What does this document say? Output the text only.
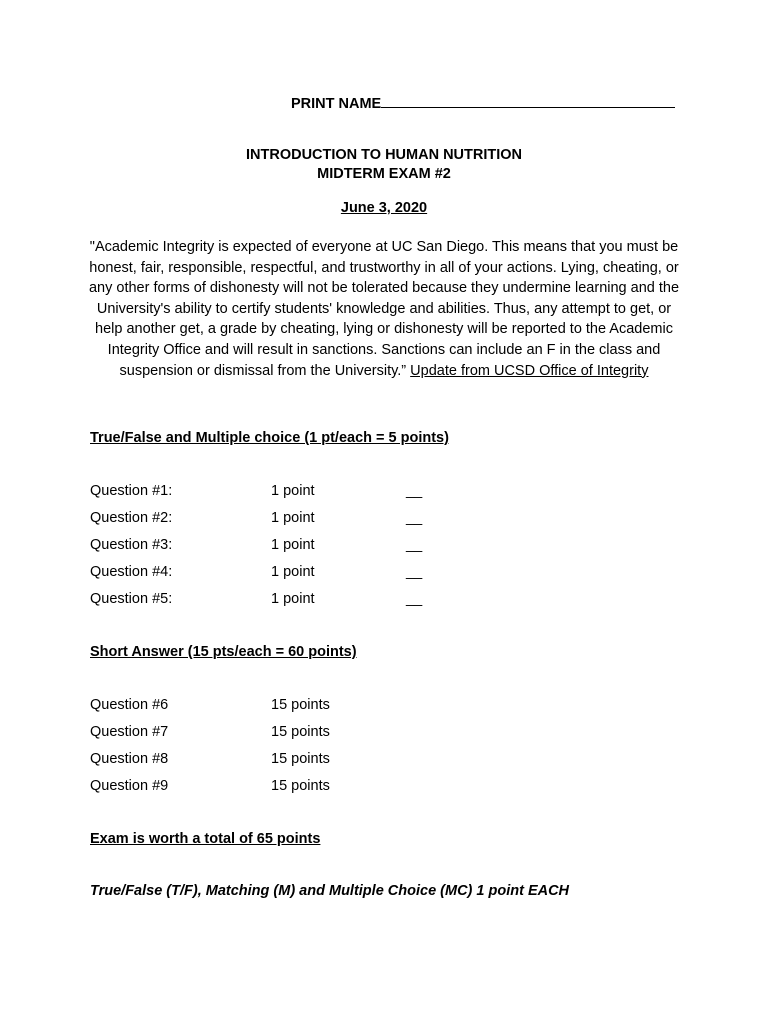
PRINT NAME
INTRODUCTION TO HUMAN NUTRITION
MIDTERM EXAM #2
June 3, 2020
"Academic Integrity is expected of everyone at UC San Diego. This means that you must be honest, fair, responsible, respectful, and trustworthy in all of your actions. Lying, cheating, or any other forms of dishonesty will not be tolerated because they undermine learning and the University's ability to certify students' knowledge and abilities. Thus, any attempt to get, or help another get, a grade by cheating, lying or dishonesty will be reported to the Academic Integrity Office and will result in sanctions. Sanctions can include an F in the class and suspension or dismissal from the University.” Update from UCSD Office of Integrity
True/False and Multiple choice (1 pt/each = 5 points)
Question #1:	1 point	__
Question #2:	1 point	__
Question #3:	1 point	__
Question #4:	1 point	__
Question #5:	1 point	__
Short Answer (15 pts/each = 60 points)
Question #6	15 points
Question #7	15 points
Question #8	15 points
Question #9	15 points
Exam is worth a total of 65 points
True/False (T/F), Matching (M) and Multiple Choice (MC) 1 point EACH
